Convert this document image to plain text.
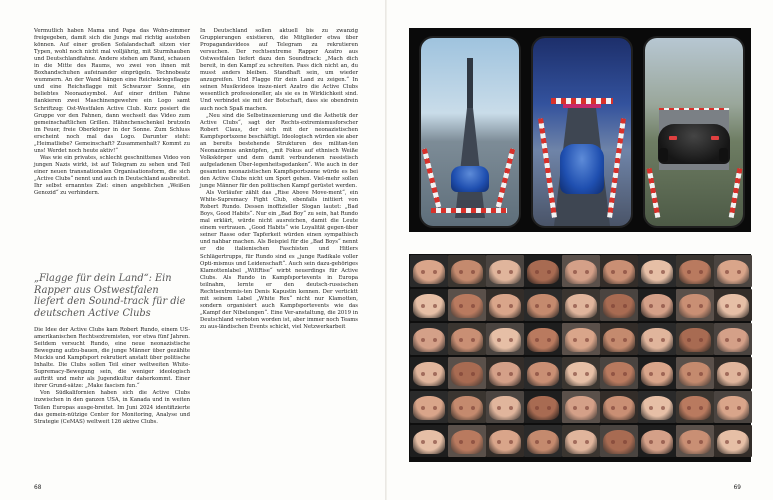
Vermutlich haben Mama und Papa das Wohn-zimmer freigegeben, damit sich die Jungs mal richtig austoben können. Auf einer großen Sofalandschaft sitzen vier Typen, wohl noch nicht mal volljährig, mit Sturmhauben und Deutschlandfahne. Andere stehen am Rand, schauen in die Mitte des Raums, wo zwei von ihnen mit Boxhandschuhen aufeinander einprügeln. Technobeatz wummern. An der Wand hängen eine Reichskriegsflagge und eine Reichsflagge mit Schwarzer Sonne, ein beliebtes Neonazisymbol. Auf einer dritten Fahne flankieren zwei Maschinengewehre ein Logo samt Schriftzug: Ost-Westfalen Active Club. Kurz posiert die Gruppe vor den Fahnen, dann wechselt das Video zum gemeinschaftlichen Grillen. Hähnchenschenkel brutzeln im Feuer, freie Oberkörper in der Sonne. Zum Schluss erscheint noch mal das Logo. Darunter steht: „Heimatliebe? Gemeinschaft? Zusammenhalt? Kommt zu uns! Werdet noch heute aktiv!“

Was wie ein privates, schlecht geschnittenes Video von jungen Nazis wirkt, ist auf Telegram zu sehen und Teil einer neuen transnationalen Organisationsform, die sich „Active Clubs“ nennt und auch in Deutschland ausbreitet. Ihr selbst ernanntes Ziel: einen angeblichen „Weißen Genozid“ zu verhindern.

„Flagge für dein Land“: Ein Rapper aus Ostwestfalen liefert den Sound-track für die deutschen Active Clubs

Die Idee der Active Clubs kam Robert Rundo, einem US-amerikanischen Rechtsextremisten, vor etwa fünf Jahren. Seitdem versucht Rundo, eine neue neonazistische Bewegung aufzu-bauen, die junge Männer über gezählte Muckis und Kampfsport rekrutiert anstatt über politische Inhalte. Die Clubs sollen Teil einer weltweiten White-Supremacy-Bewegung sein, die weniger ideologisch auftritt und mehr als Jugendkultur daherkommt. Einer ihrer Grund-sätze: „Make fascism fun.“

Von Südkalifornien haben sich die Active Clubs inzwischen in den ganzen USA, in Kanada und in weiten Teilen Europas ausge-breitet. Im Juni 2024 identifizierte das gemein-nützige Center for Monitoring, Analyse und Strategie (CeMAS) weltweit 126 aktive Clubs.

In Deutschland sollen aktuell bis zu zwanzig Gruppierungen existieren, die Mitglieder etwa über Propagandavideos auf Telegram zu rekrutieren versuchen. Der rechtsextreme Rapper Azatro aus Ostwestfalen liefert dazu den Soundtrack: „Mach dich bereit, in den Kampf zu schreiten. Pass dich nicht an, du musst anders bleiben. Standhaft sein, um wieder anzugreifen. Und Flagge für dein Land zu zeigen.“ In seinen Musikvideos insze-niert Azatro die Active Clubs wesentlich professioneller, als sie es in Wirklichkeit sind. Und verbindet sie mit der Botschaft, dass sie obendrein auch noch Spaß machen.

„Neu sind die Selbstinszenierung und die Ästhetik der Active Clubs“, sagt der Rechts-extremismusforscher Robert Claus, der sich mit der neonazistischen Kampfsportszene beschäftigt. Ideologisch würden sie aber an bereits bestehende Strukturen des militan-ten Neonazismus anknüpfen, „mit Fokus auf ethnisch Weiße Volkskörper und dem damit verbundenen rassistisch aufgeladenen Über-legenheitsgedanken“. Wie auch in der gesamten neonazistischen Kampfsportszene würde es bei den Active Clubs nicht um Sport gehen. Viel-mehr sollen junge Männer für den politischen Kampf gerüstet werden.

Als Vorläufer zählt das „Rise Above Move-ment“, ein White-Supremacy Fight Club, ebenfalls initiiert von Robert Rundo. Dessen inoffizieller Slogan lautet: „Bad Boys, Good Habits“. Nur ein „Bad Boy“ zu sein, hat Rundo mal erklärt, würde nicht ausreichen, damit die Leute einem vertrauen. „Good Habits“ wie Loyalität gegen-über seiner Rasse oder Tapferkeit würden einen sympathisch und nahbar machen. Als Beispiel für die „Bad Boys“ nennt er die italienischen Faschisten und Hitlers Schlägertrupps, für Rundo sind es „junge Radikale voller Opti-mismus und Leidenschaft“. Auch sein dazu-gehöriges Klamottenlabel „WiltRise“ wirbt neuerdings für Active Clubs. Als Rundo in Kampfsportevents in Europa teilnahm, lernte er den deutsch-russischen Rechtsextremis-ten Denis Kapustin kennen. Der verticktt mit seinem Label „White Rex“ nicht nur Klamotten, sondern organisiert auch Kampfsportevents wie das „Kampf der Nibelungen“. Eine Ver-anstaltung, die 2019 in Deutschland verboten worden ist, aber immer noch Teams zu aus-ländischen Events schickt, viel Netzwerkarbeit

68	69
